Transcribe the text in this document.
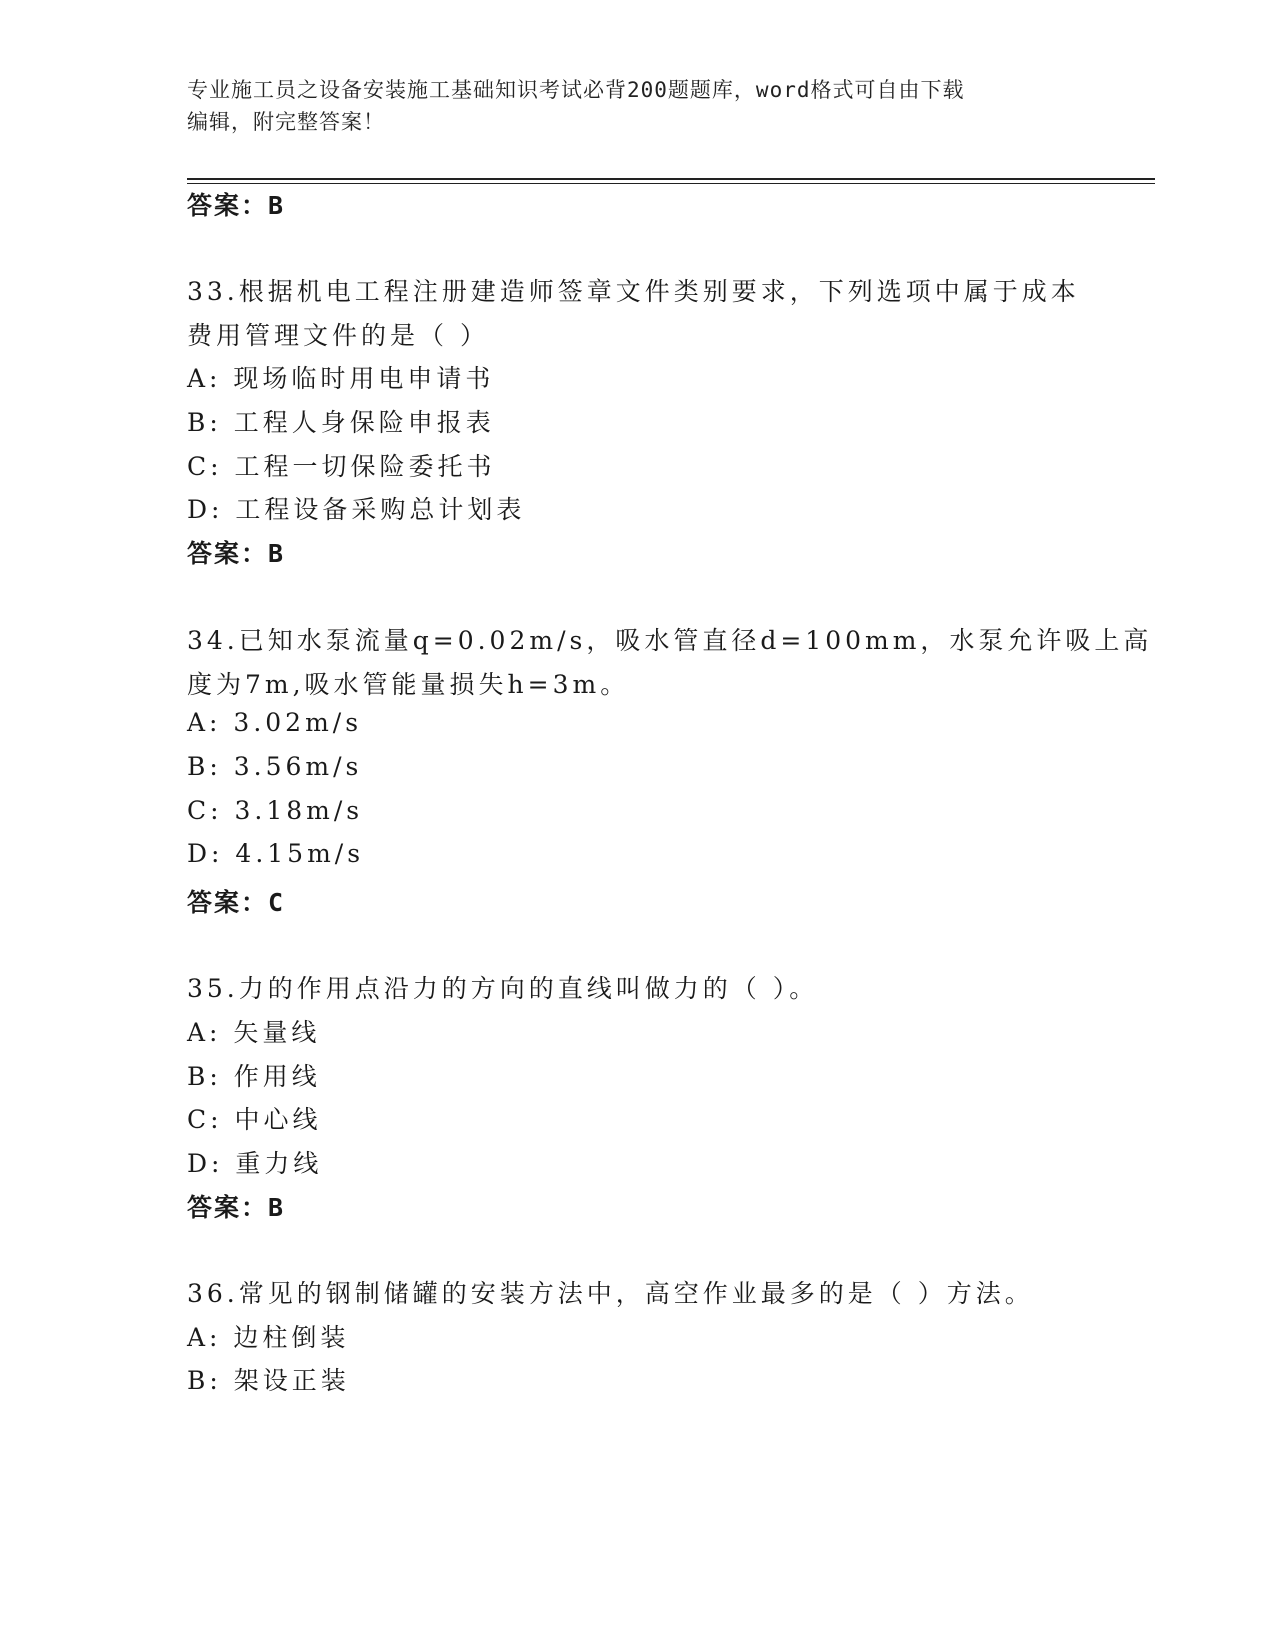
专业施工员之设备安装施工基础知识考试必背200题题库，word格式可自由下载
编辑，附完整答案！
答案：B
33.根据机电工程注册建造师签章文件类别要求，下列选项中属于成本
费用管理文件的是（ ）
A: 现场临时用电申请书
B: 工程人身保险申报表
C: 工程一切保险委托书
D: 工程设备采购总计划表
答案：B
34.已知水泵流量q=0.02m/s，吸水管直径d=100mm，水泵允许吸上高
度为7m,吸水管能量损失h=3m。
A: 3.02m/s
B: 3.56m/s
C: 3.18m/s
D: 4.15m/s
答案：C
35.力的作用点沿力的方向的直线叫做力的（ ）。
A: 矢量线
B: 作用线
C: 中心线
D: 重力线
答案：B
36.常见的钢制储罐的安装方法中，高空作业最多的是（ ）方法。
A: 边柱倒装
B: 架设正装
